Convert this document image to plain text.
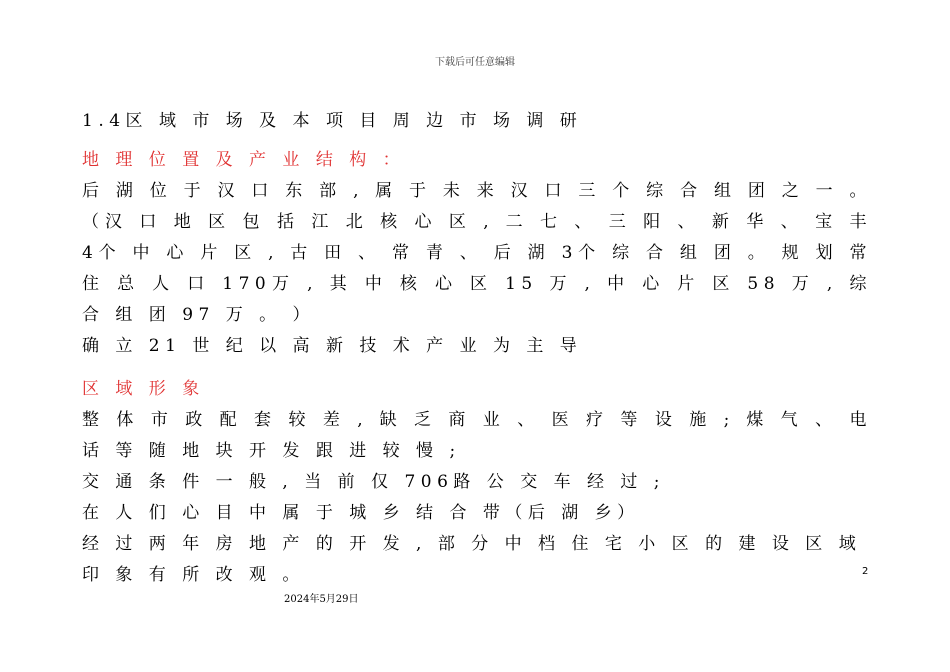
下载后可任意编辑

1.4区 域 市 场 及 本 项 目 周 边 市 场 调 研

地 理 位 置 及 产 业 结 构 ：

后 湖 位 于 汉 口 东 部 , 属 于 未 来 汉 口 三 个 综 合 组 团 之 一 。（汉 口 地 区 包 括 江 北 核 心 区 , 二 七 、 三 阳 、 新 华 、 宝 丰 4个 中 心 片 区 , 古 田 、 常 青 、 后 湖 3个 综 合 组 团 。 规 划 常 住 总 人 口 170万 , 其 中 核 心 区 15 万 , 中 心 片 区 58 万 , 综 合 组 团 97 万 。 ）

确 立 21 世 纪 以 高 新 技 术 产 业 为 主 导

区 域 形 象

整 体 市 政 配 套 较 差 , 缺 乏 商 业 、 医 疗 等 设 施 ; 煤 气 、 电 话 等 随 地 块 开 发 跟 进 较 慢 ;

交 通 条 件 一 般 , 当 前 仅 706路 公 交 车 经 过 ;

在 人 们 心 目 中 属 于 城 乡 结 合 带（后 湖 乡）

经 过 两 年 房 地 产 的 开 发 , 部 分 中 档 住 宅 小 区 的 建 设 区 域 印 象 有 所 改 观 。	2
2024年5月29日
